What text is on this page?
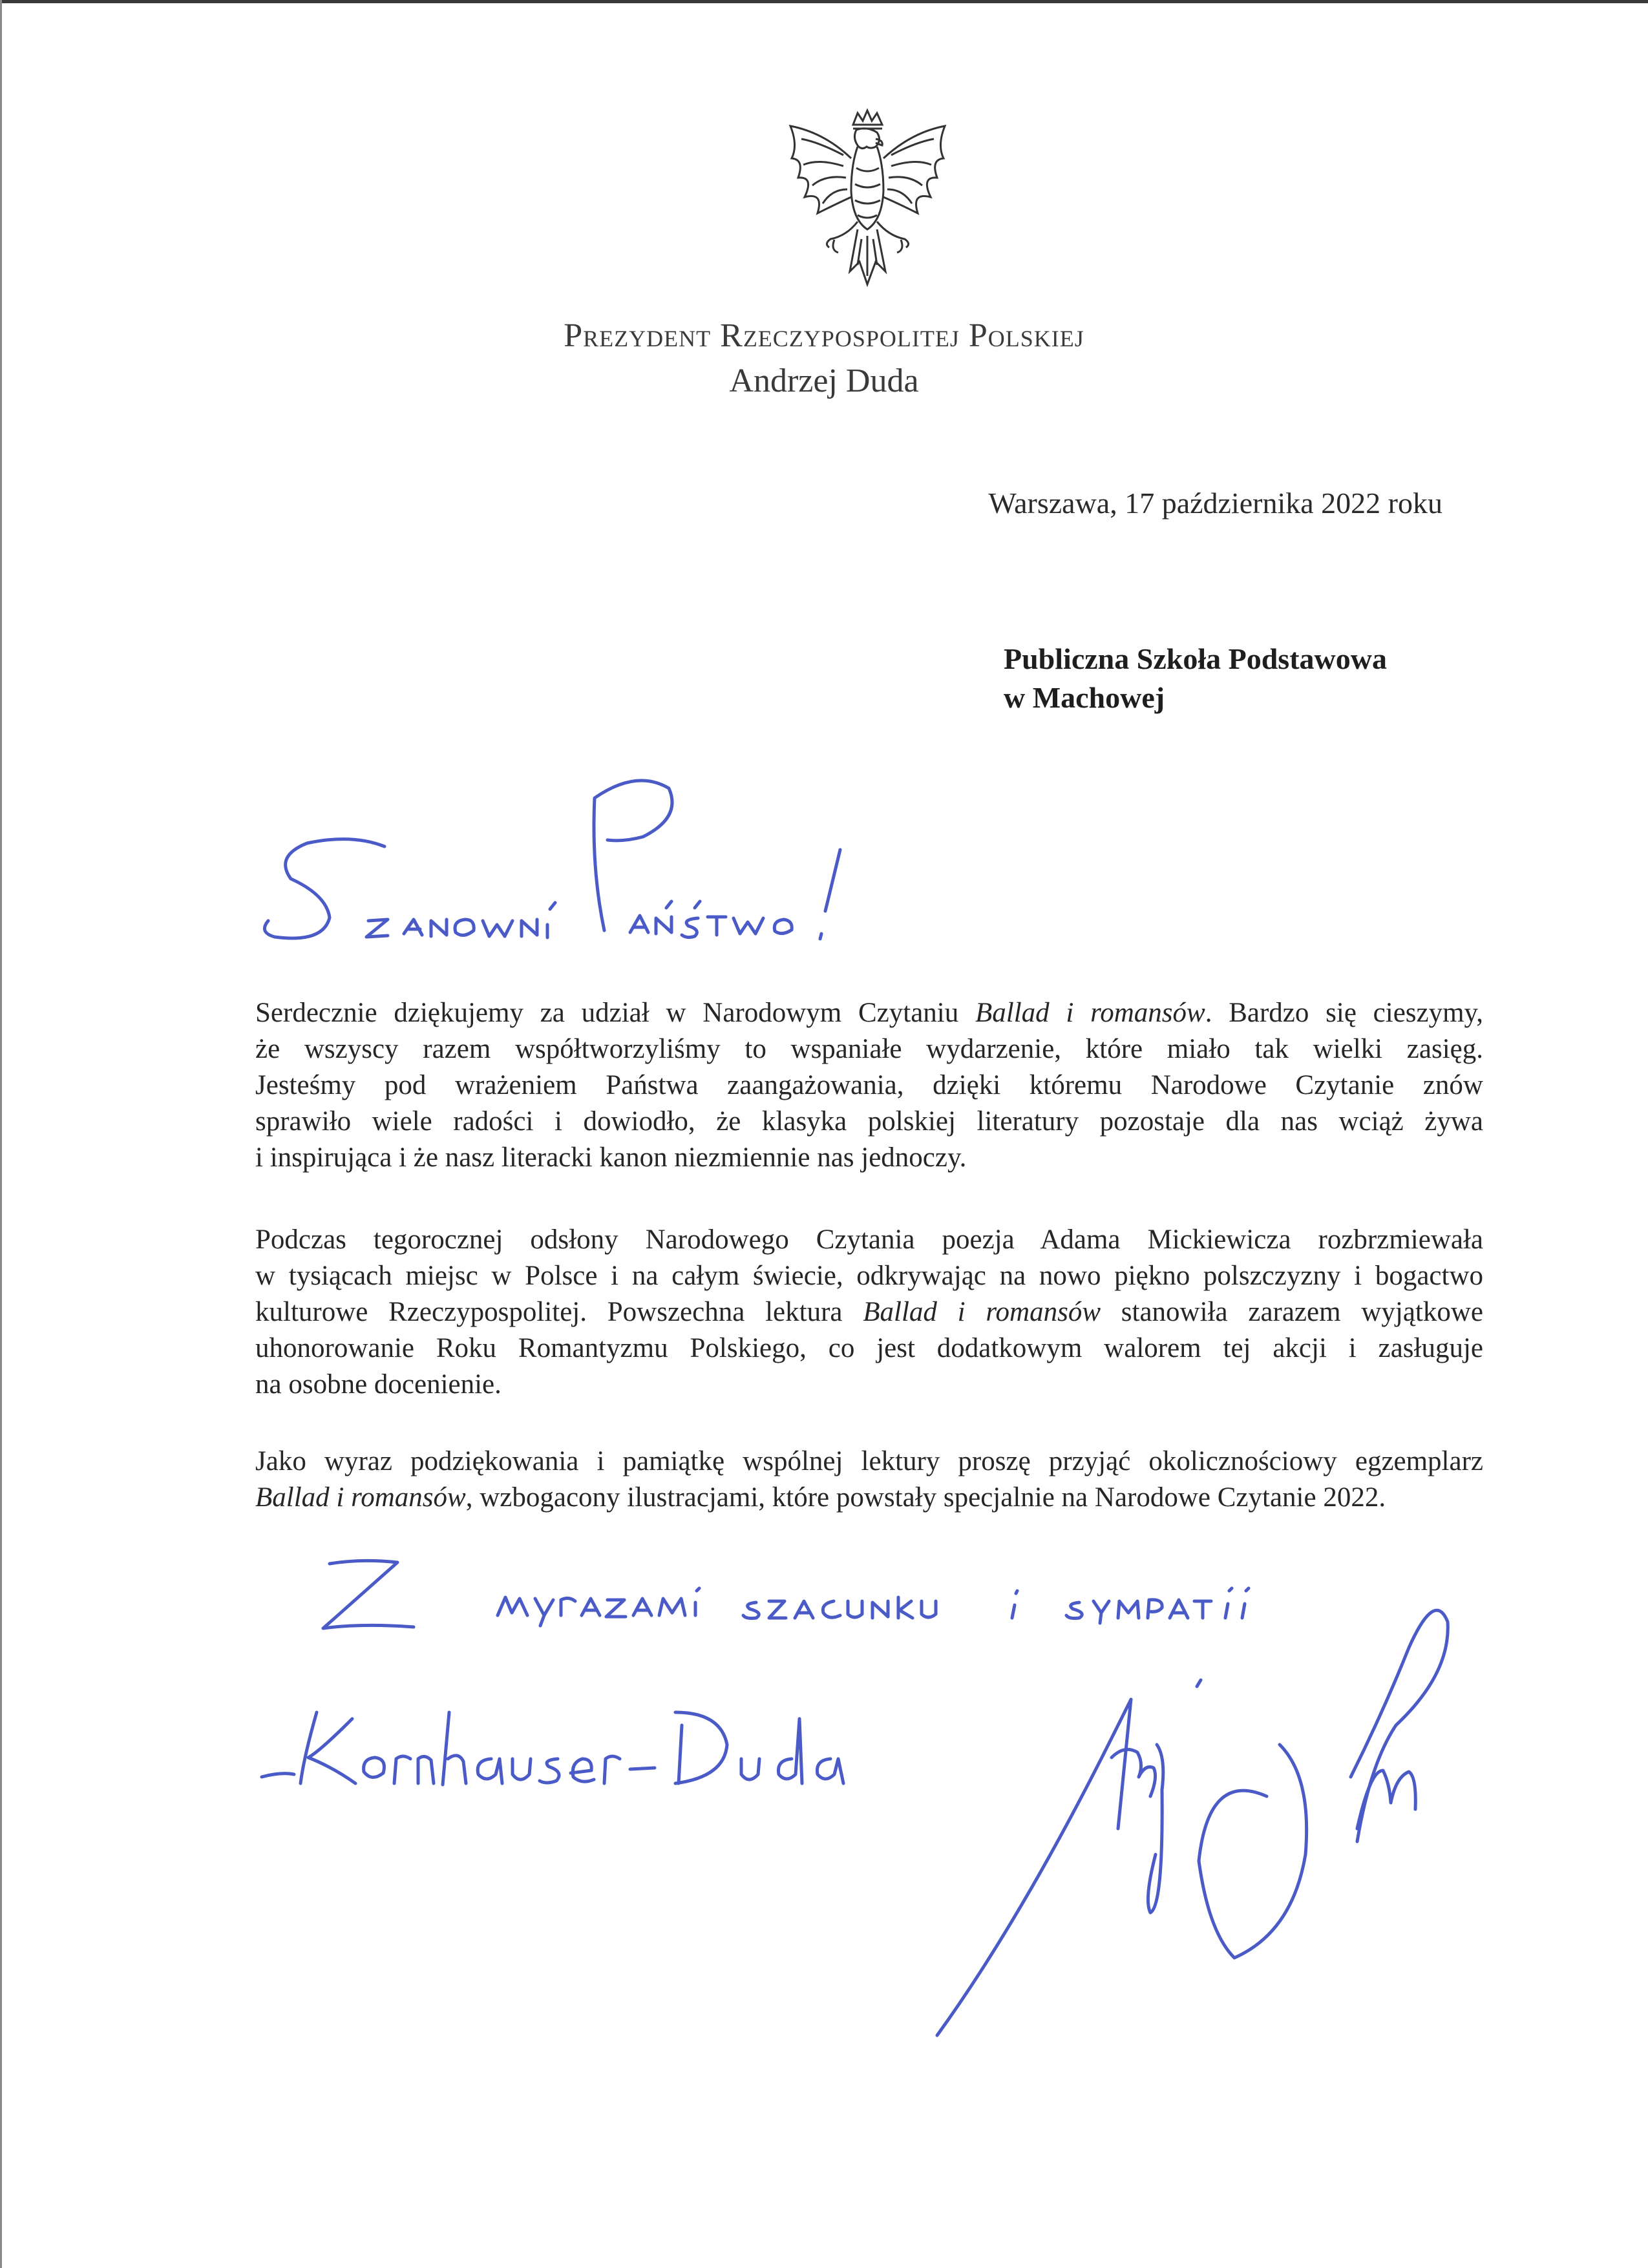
Prezydent Rzeczypospolitej Polskiej
Andrzej Duda
Warszawa, 17 października 2022 roku
Publiczna Szkoła Podstawowa
w Machowej
Serdecznie dziękujemy za udział w Narodowym Czytaniu Ballad i romansów. Bardzo się cieszymy,
że wszyscy razem współtworzyliśmy to wspaniałe wydarzenie, które miało tak wielki zasięg.
Jesteśmy pod wrażeniem Państwa zaangażowania, dzięki któremu Narodowe Czytanie znów
sprawiło wiele radości i dowiodło, że klasyka polskiej literatury pozostaje dla nas wciąż żywa
i inspirująca i że nasz literacki kanon niezmiennie nas jednoczy.
Podczas tegorocznej odsłony Narodowego Czytania poezja Adama Mickiewicza rozbrzmiewała
w tysiącach miejsc w Polsce i na całym świecie, odkrywając na nowo piękno polszczyzny i bogactwo
kulturowe Rzeczypospolitej. Powszechna lektura Ballad i romansów stanowiła zarazem wyjątkowe
uhonorowanie Roku Romantyzmu Polskiego, co jest dodatkowym walorem tej akcji i zasługuje
na osobne docenienie.
Jako wyraz podziękowania i pamiątkę wspólnej lektury proszę przyjąć okolicznościowy egzemplarz
Ballad i romansów, wzbogacony ilustracjami, które powstały specjalnie na Narodowe Czytanie 2022.
